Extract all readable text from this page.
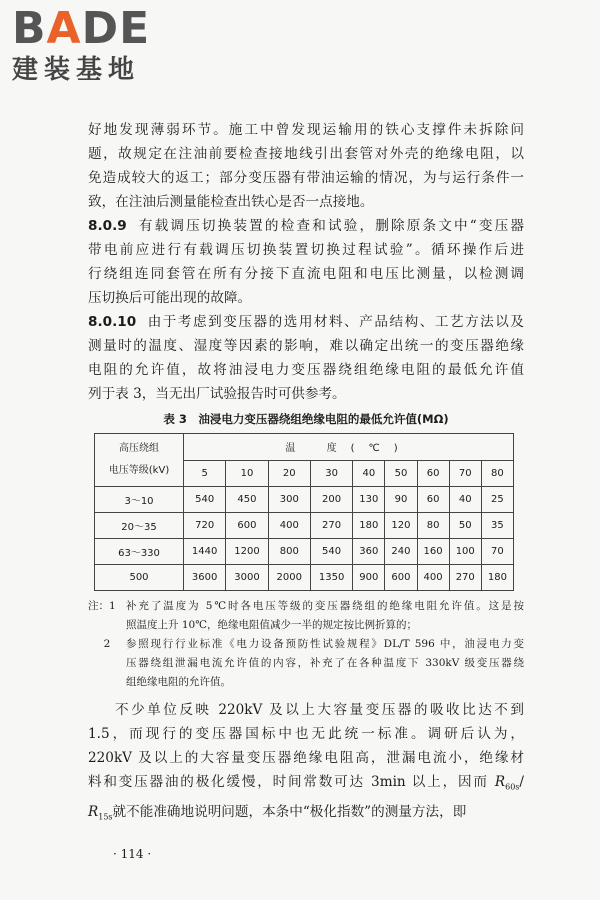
BADE
建装基地
好地发现薄弱环节。施工中曾发现运输用的铁心支撑件未拆除问
题，故规定在注油前要检查接地线引出套管对外壳的绝缘电阻，以
免造成较大的返工；部分变压器有带油运输的情况，为与运行条件一
致，在注油后测量能检查出铁心是否一点接地。
8.0.9 有载调压切换装置的检查和试验，删除原条文中“变压器
带电前应进行有载调压切换装置切换过程试验”。循环操作后进
行绕组连同套管在所有分接下直流电阻和电压比测量，以检测调
压切换后可能出现的故障。
8.0.10 由于考虑到变压器的选用材料、产品结构、工艺方法以及
测量时的温度、湿度等因素的影响，难以确定出统一的变压器绝缘
电阻的允许值，故将油浸电力变压器绕组绝缘电阻的最低允许值
列于表 3，当无出厂试验报告时可供参考。
表 3　油浸电力变压器绕组绝缘电阻的最低允许值(MΩ)
高压绕组
电压等级(kV)	温 度(℃)								
	5	10	20	30	40	50	60	70	80
3～10	540	450	300	200	130	90	60	40	25
20～35	720	600	400	270	180	120	80	50	35
63～330	1440	1200	800	540	360	240	160	100	70
500	3600	3000	2000	1350	900	600	400	270	180
注：1 补充了温度为 5℃时各电压等级的变压器绕组的绝缘电阻允许值。这是按
照温度上升 10℃，绝缘电阻值减少一半的规定按比例折算的；
2	参照现行行业标准《电力设备预防性试验规程》DL/T 596 中，油浸电力变
压器绕组泄漏电流允许值的内容，补充了在各种温度下 330kV 级变压器绕
组绝缘电阻的允许值。
不少单位反映 220kV 及以上大容量变压器的吸收比达不到
1.5，而现行的变压器国标中也无此统一标准。调研后认为，
220kV 及以上的大容量变压器绝缘电阻高，泄漏电流小，绝缘材
料和变压器油的极化缓慢，时间常数可达 3min 以上，因而 $R_{60s}/$
$R_{15s}$就不能准确地说明问题，本条中“极化指数”的测量方法，即
· 114 ·
